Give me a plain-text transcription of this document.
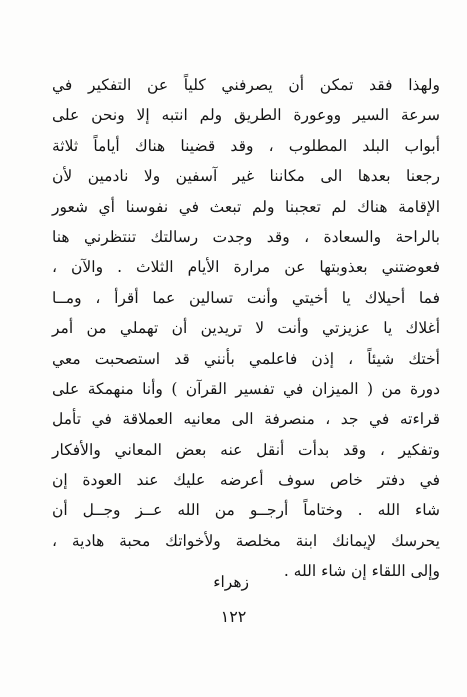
ولهذا فقد تمكن أن يصرفني كلياً عن التفكير في
سرعة السير ووعورة الطريق ولم انتبه إلا ونحن على
أبواب البلد المطلوب ، وقد قضينا هناك أياماً ثلاثة
رجعنا بعدها الى مكاننا غير آسفين ولا نادمين لأن
الإقامة هناك لم تعجبنا ولم تبعث في نفوسنا أي شعور
بالراحة والسعادة ، وقد وجدت رسالتك تنتظرني هنا
فعوضتني بعذوبتها عن مرارة الأيام الثلاث . والآن ،
فما أحيلاك يا أخيتي وأنت تسالين عما أقرأ ، ومــا
أغلاك يا عزيزتي وأنت لا تريدين أن تهملي من أمر
أختك شيئاً ، إذن فاعلمي بأنني قد استصحبت معي
دورة من ( الميزان في تفسير القرآن ) وأنا منهمكة على
قراءته في جد ، منصرفة الى معانيه العملاقة في تأمل
وتفكير ، وقد بدأت أنقل عنه بعض المعاني والأفكار
في دفتر خاص سوف أعرضه عليك عند العودة إن
شاء الله . وختاماً أرجــو من الله عــز وجــل أن
يحرسك لإيمانك ابنة مخلصة ولأخواتك محبة هادية ،
وإلى اللقاء إن شاء الله .
زهراء
١٢٢
